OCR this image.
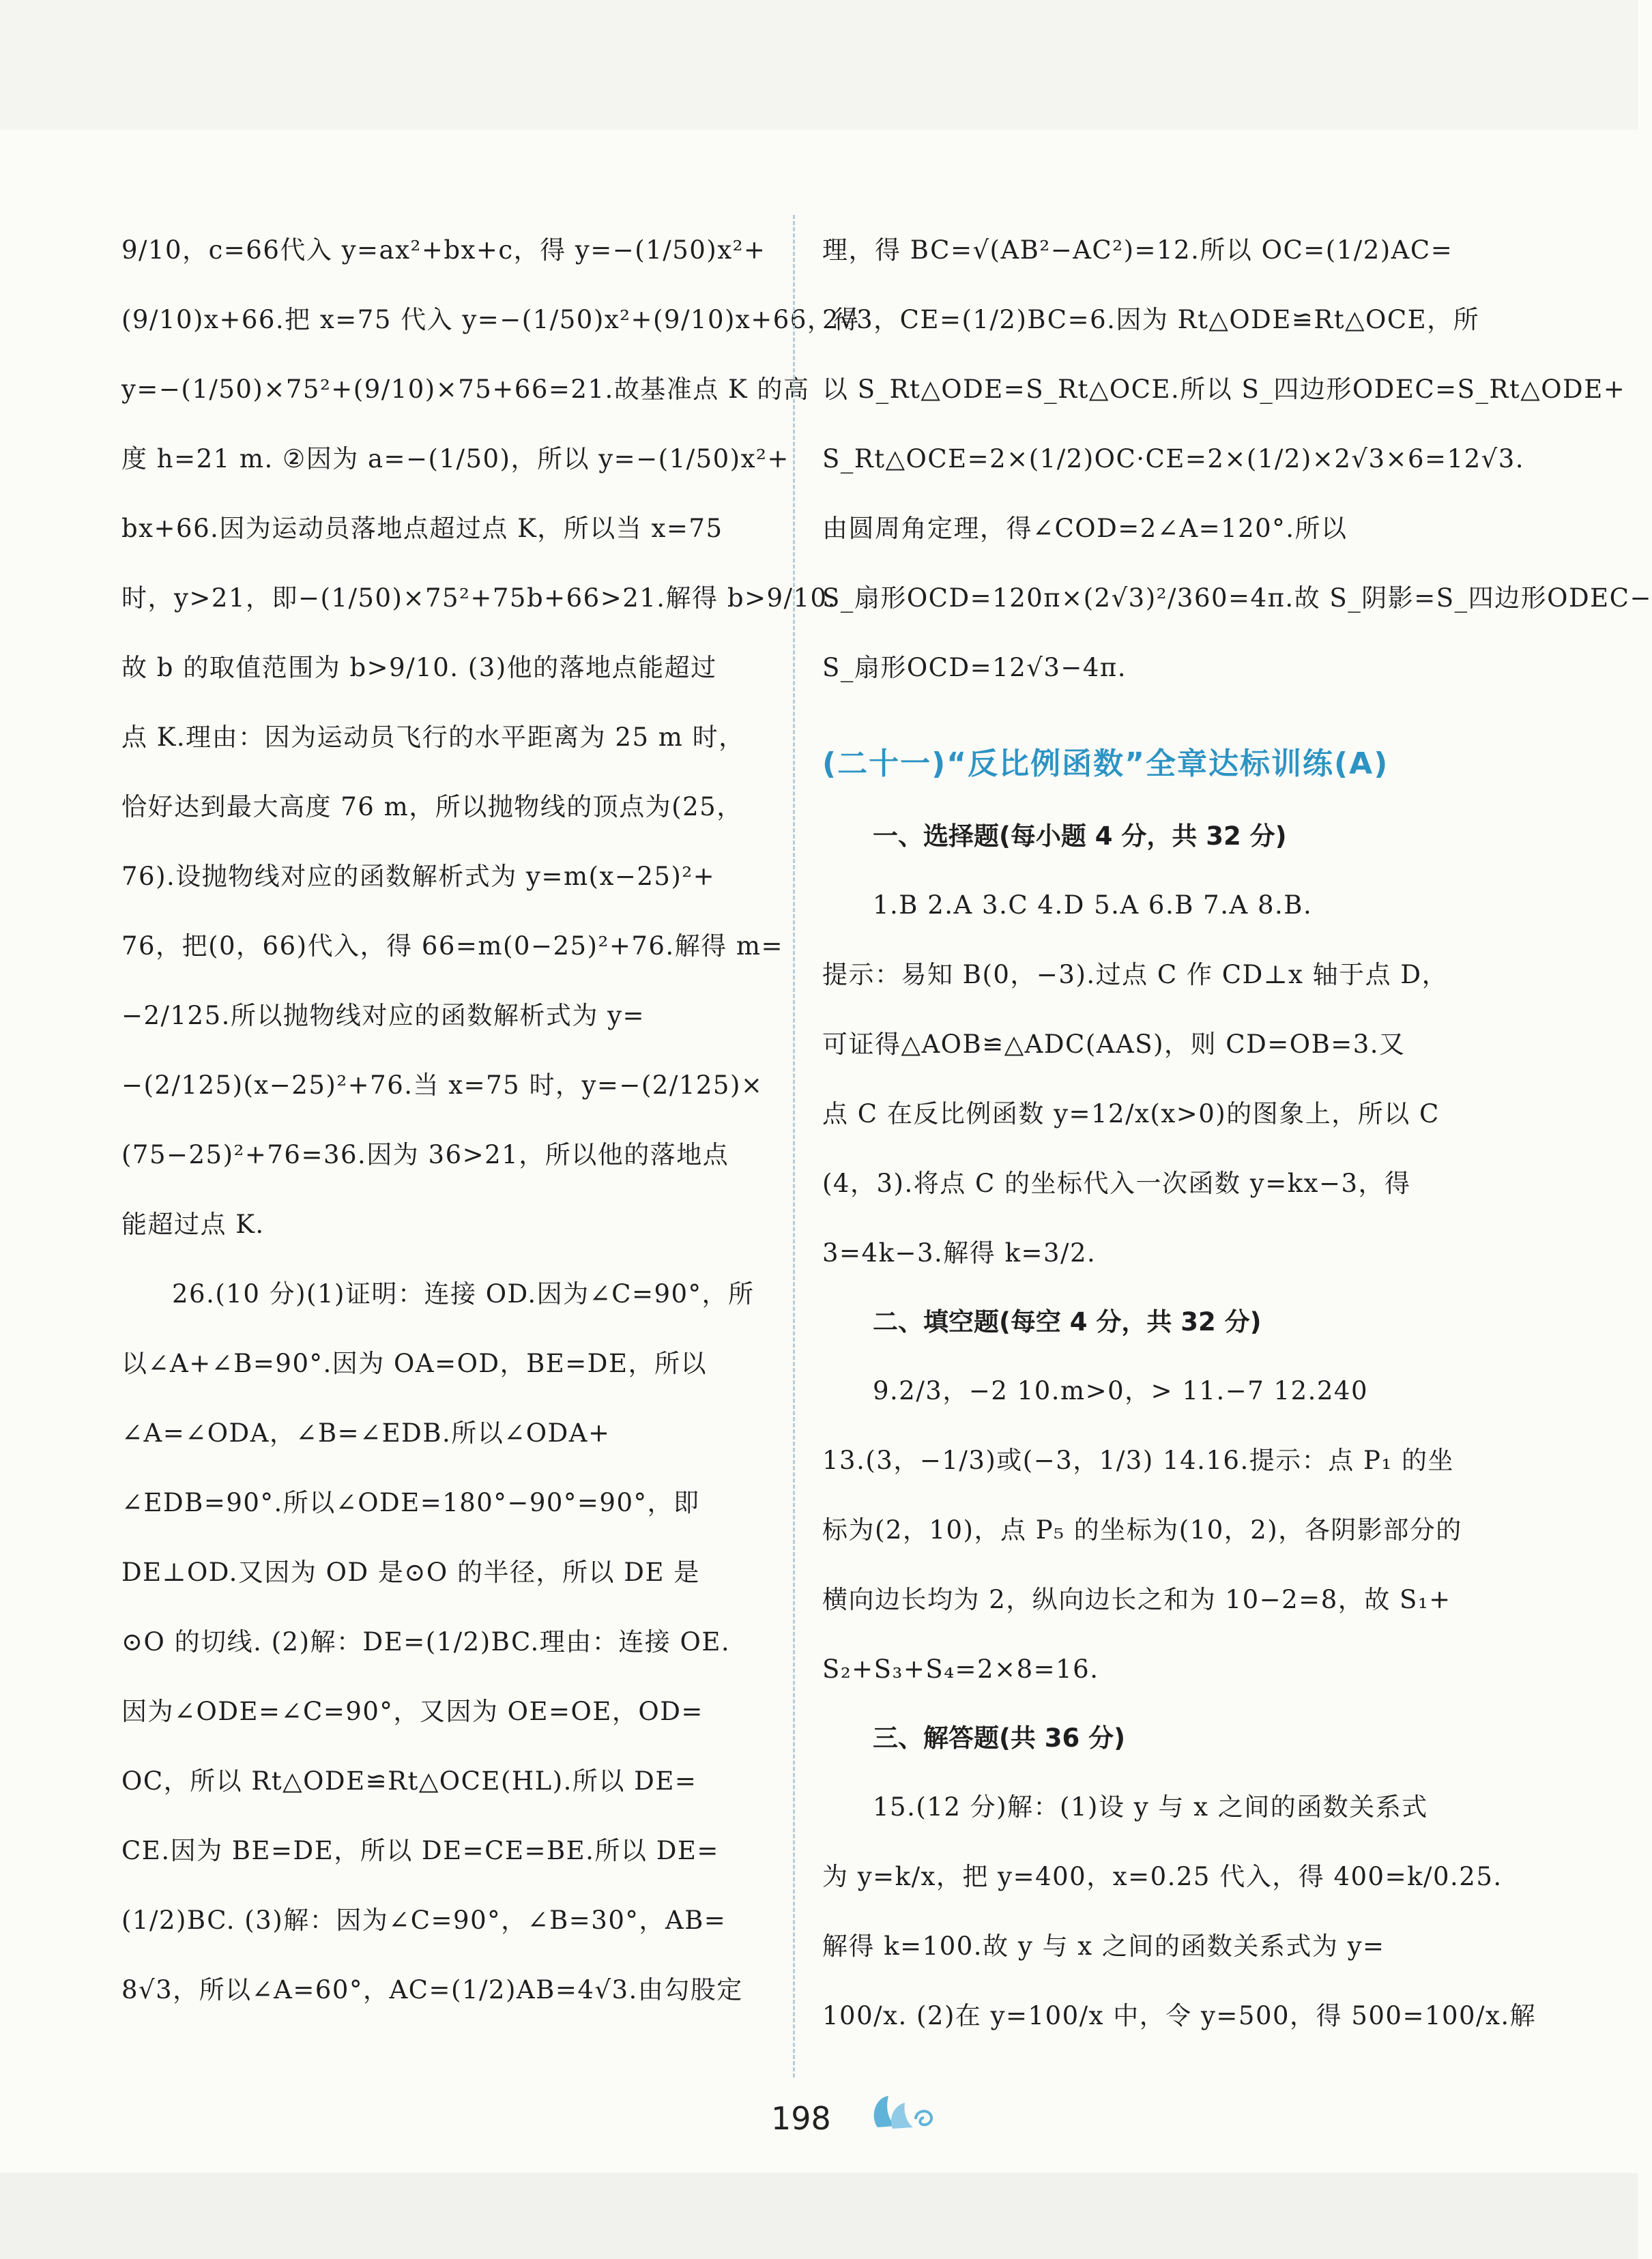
9/10，c=66代入 y=ax²+bx+c，得 y=−(1/50)x²+
(9/10)x+66.把 x=75 代入 y=−(1/50)x²+(9/10)x+66，得
y=−(1/50)×75²+(9/10)×75+66=21.故基准点 K 的高
度 h=21 m. ②因为 a=−(1/50)，所以 y=−(1/50)x²+
bx+66.因为运动员落地点超过点 K，所以当 x=75
时，y>21，即−(1/50)×75²+75b+66>21.解得 b>9/10.
故 b 的取值范围为 b>9/10. (3)他的落地点能超过
点 K.理由：因为运动员飞行的水平距离为 25 m 时，
恰好达到最大高度 76 m，所以抛物线的顶点为(25，
76).设抛物线对应的函数解析式为 y=m(x−25)²+
76，把(0，66)代入，得 66=m(0−25)²+76.解得 m=
−2/125.所以抛物线对应的函数解析式为 y=
−(2/125)(x−25)²+76.当 x=75 时，y=−(2/125)×
(75−25)²+76=36.因为 36>21，所以他的落地点
能超过点 K.
26.(10 分)(1)证明：连接 OD.因为∠C=90°，所
以∠A+∠B=90°.因为 OA=OD，BE=DE，所以
∠A=∠ODA，∠B=∠EDB.所以∠ODA+
∠EDB=90°.所以∠ODE=180°−90°=90°，即
DE⊥OD.又因为 OD 是⊙O 的半径，所以 DE 是
⊙O 的切线. (2)解：DE=(1/2)BC.理由：连接 OE.
因为∠ODE=∠C=90°，又因为 OE=OE，OD=
OC，所以 Rt△ODE≌Rt△OCE(HL).所以 DE=
CE.因为 BE=DE，所以 DE=CE=BE.所以 DE=
(1/2)BC. (3)解：因为∠C=90°，∠B=30°，AB=
8√3，所以∠A=60°，AC=(1/2)AB=4√3.由勾股定
理，得 BC=√(AB²−AC²)=12.所以 OC=(1/2)AC=
2√3，CE=(1/2)BC=6.因为 Rt△ODE≌Rt△OCE，所
以 S_Rt△ODE=S_Rt△OCE.所以 S_四边形ODEC=S_Rt△ODE+
S_Rt△OCE=2×(1/2)OC·CE=2×(1/2)×2√3×6=12√3.
由圆周角定理，得∠COD=2∠A=120°.所以
S_扇形OCD=120π×(2√3)²/360=4π.故 S_阴影=S_四边形ODEC−
S_扇形OCD=12√3−4π.
(二十一)“反比例函数”全章达标训练(A)
一、选择题(每小题 4 分，共 32 分)
1.B 2.A 3.C 4.D 5.A 6.B 7.A 8.B.
提示：易知 B(0，−3).过点 C 作 CD⊥x 轴于点 D，
可证得△AOB≌△ADC(AAS)，则 CD=OB=3.又
点 C 在反比例函数 y=12/x(x>0)的图象上，所以 C
(4，3).将点 C 的坐标代入一次函数 y=kx−3，得
3=4k−3.解得 k=3/2.
二、填空题(每空 4 分，共 32 分)
9.2/3，−2 10.m>0，> 11.−7 12.240
13.(3，−1/3)或(−3，1/3) 14.16.提示：点 P₁ 的坐
标为(2，10)，点 P₅ 的坐标为(10，2)，各阴影部分的
横向边长均为 2，纵向边长之和为 10−2=8，故 S₁+
S₂+S₃+S₄=2×8=16.
三、解答题(共 36 分)
15.(12 分)解：(1)设 y 与 x 之间的函数关系式
为 y=k/x，把 y=400，x=0.25 代入，得 400=k/0.25.
解得 k=100.故 y 与 x 之间的函数关系式为 y=
100/x. (2)在 y=100/x 中，令 y=500，得 500=100/x.解
198
